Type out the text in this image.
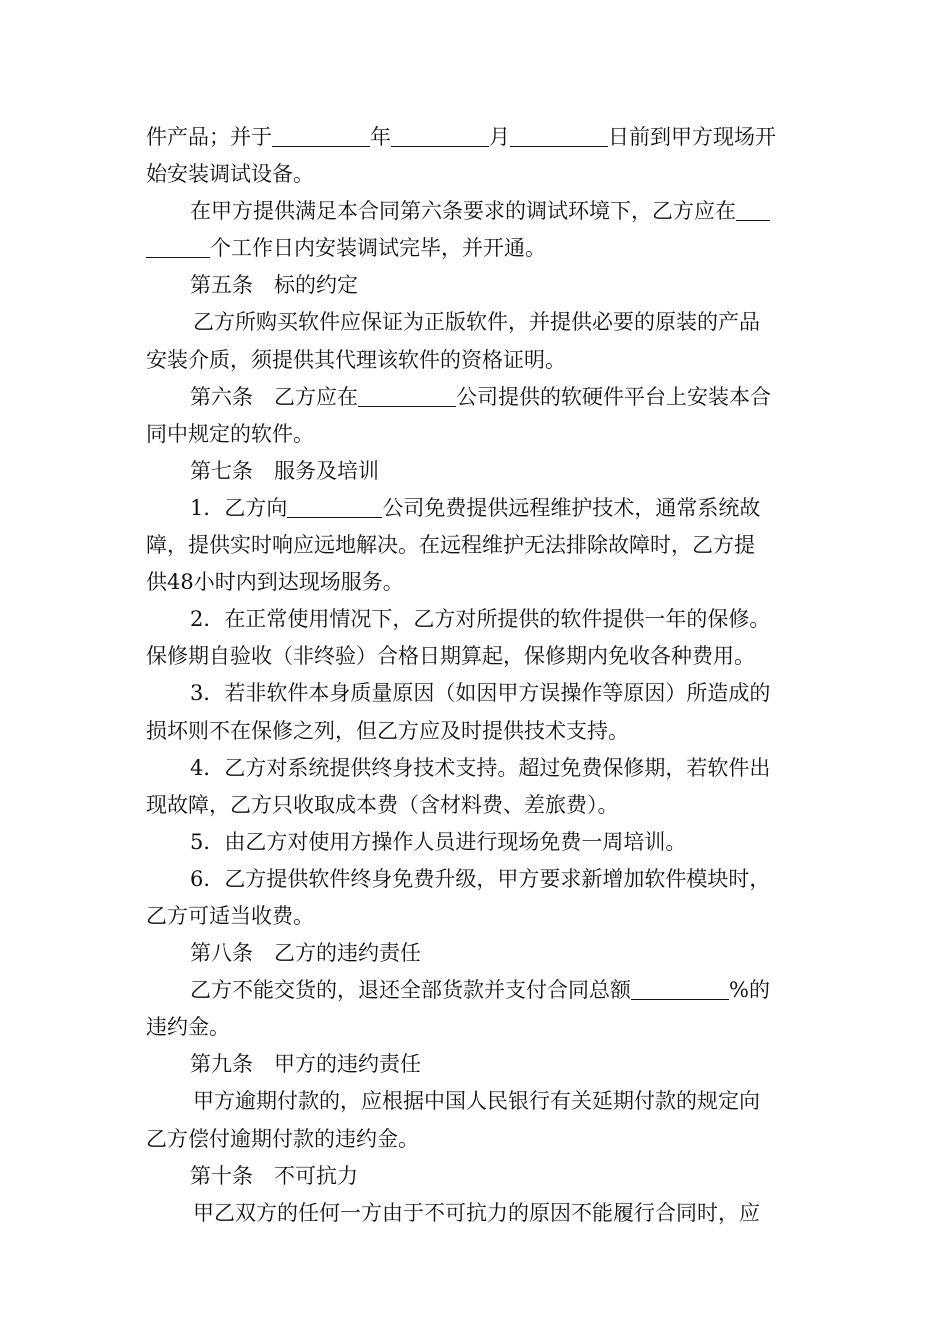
件产品；并于	年	月	日前到甲方现场开
始安装调试设备。
在甲方提供满足本合同第六条要求的调试环境下，乙方应在
个工作日内安装调试完毕，并开通。
第五条　标的约定
乙方所购买软件应保证为正版软件，并提供必要的原装的产品
安装介质，须提供其代理该软件的资格证明。
第六条　乙方应在	公司提供的软硬件平台上安装本合
同中规定的软件。
第七条　服务及培训
1．乙方向	公司免费提供远程维护技术，通常系统故
障，提供实时响应远地解决。在远程维护无法排除故障时，乙方提
供48小时内到达现场服务。
2．在正常使用情况下，乙方对所提供的软件提供一年的保修。
保修期自验收（非终验）合格日期算起，保修期内免收各种费用。
3．若非软件本身质量原因（如因甲方误操作等原因）所造成的
损坏则不在保修之列，但乙方应及时提供技术支持。
4．乙方对系统提供终身技术支持。超过免费保修期，若软件出
现故障，乙方只收取成本费（含材料费、差旅费）。
5．由乙方对使用方操作人员进行现场免费一周培训。
6．乙方提供软件终身免费升级，甲方要求新增加软件模块时，
乙方可适当收费。
第八条　乙方的违约责任
乙方不能交货的，退还全部货款并支付合同总额	%的
违约金。
第九条　甲方的违约责任
甲方逾期付款的，应根据中国人民银行有关延期付款的规定向
乙方偿付逾期付款的违约金。
第十条　不可抗力
甲乙双方的任何一方由于不可抗力的原因不能履行合同时，应
